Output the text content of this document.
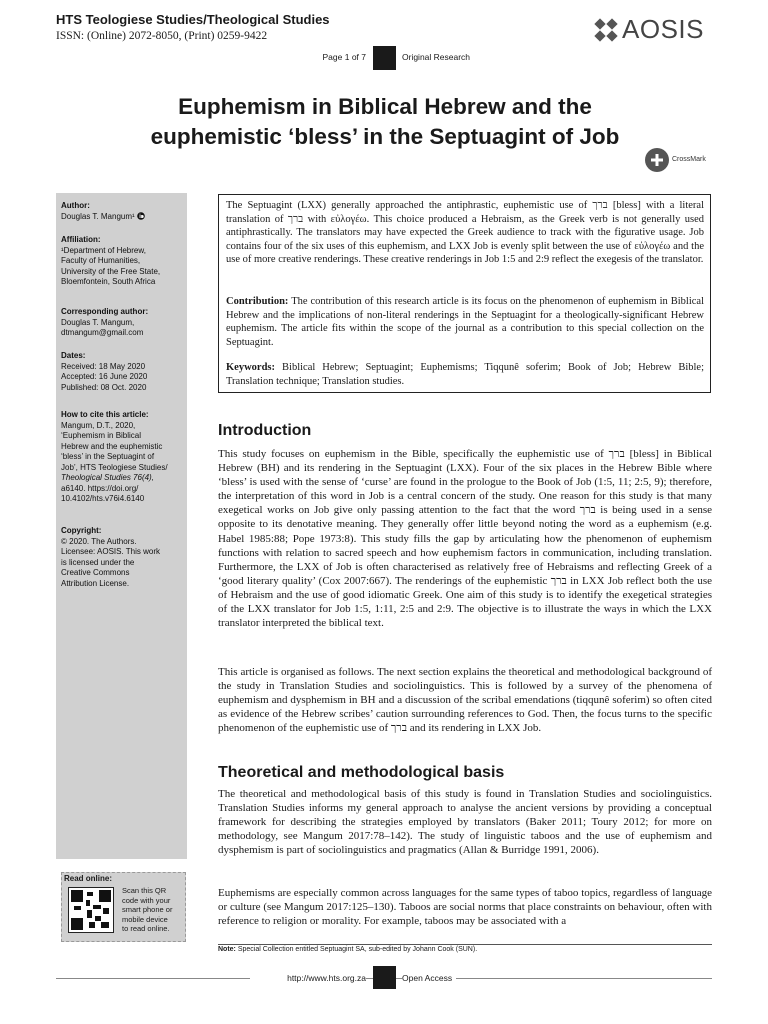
HTS Teologiese Studies/Theological Studies
ISSN: (Online) 2072-8050, (Print) 0259-9422	AOSIS
Page 1 of 7	Original Research
Euphemism in Biblical Hebrew and the
euphemistic ‘bless’ in the Septuagint of Job
CrossMark
Author:
Douglas T. Mangum¹
Affiliation:
¹Department of Hebrew,
Faculty of Humanities,
University of the Free State,
Bloemfontein, South Africa
Corresponding author:
Douglas T. Mangum,
dtmangum@gmail.com
Dates:
Received: 18 May 2020
Accepted: 16 June 2020
Published: 08 Oct. 2020
How to cite this article:
Mangum, D.T., 2020,
‘Euphemism in Biblical
Hebrew and the euphemistic
‘bless’ in the Septuagint of
Job’, HTS Teologiese Studies/
Theological Studies 76(4),
a6140. https://doi.org/
10.4102/hts.v76i4.6140
Copyright:
© 2020. The Authors.
Licensee: AOSIS. This work
is licensed under the
Creative Commons
Attribution License.
Read online:
Scan this QR
code with your
smart phone or
mobile device
to read online.
The Septuagint (LXX) generally approached the antiphrastic, euphemistic use of ברך [bless] with a literal translation of ברך with εὐλογέω. This choice produced a Hebraism, as the Greek verb is not generally used antiphrastically. The translators may have expected the Greek audience to track with the figurative usage. Job contains four of the six uses of this euphemism, and LXX Job is evenly split between the use of εὐλογέω and the use of more creative renderings. These creative renderings in Job 1:5 and 2:9 reflect the exegesis of the translator.
Contribution: The contribution of this research article is its focus on the phenomenon of euphemism in Biblical Hebrew and the implications of non-literal renderings in the Septuagint for a theologically-significant Hebrew euphemism. The article fits within the scope of the journal as a contribution to this special collection on the Septuagint.
Keywords: Biblical Hebrew; Septuagint; Euphemisms; Tiqqunê soferim; Book of Job; Hebrew Bible; Translation technique; Translation studies.
Introduction
This study focuses on euphemism in the Bible, specifically the euphemistic use of ברך [bless] in Biblical Hebrew (BH) and its rendering in the Septuagint (LXX). Four of the six places in the Hebrew Bible where ‘bless’ is used with the sense of ‘curse’ are found in the prologue to the Book of Job (1:5, 11; 2:5, 9); therefore, the interpretation of this word in Job is a central concern of the study. One reason for this study is that many exegetical works on Job give only passing attention to the fact that the word ברך is being used in a sense opposite to its denotative meaning. They generally offer little beyond noting the word as a euphemism (e.g. Habel 1985:88; Pope 1973:8). This study fills the gap by articulating how the phenomenon of euphemism functions with relation to sacred speech and how euphemism factors in communication, including translation. Furthermore, the LXX of Job is often characterised as relatively free of Hebraisms and reflecting Greek of a ‘good literary quality’ (Cox 2007:667). The renderings of the euphemistic ברך in LXX Job reflect both the use of Hebraism and the use of good idiomatic Greek. One aim of this study is to identify the exegetical strategies of the LXX translator for Job 1:5, 1:11, 2:5 and 2:9. The objective is to illustrate the ways in which the LXX translator interpreted the biblical text.
This article is organised as follows. The next section explains the theoretical and methodological background of the study in Translation Studies and sociolinguistics. This is followed by a survey of the phenomena of euphemism and dysphemism in BH and a discussion of the scribal emendations (tiqqunê soferim) so often cited as evidence of the Hebrew scribes’ caution surrounding references to God. Then, the focus turns to the specific phenomenon of the euphemistic use of ברך and its rendering in LXX Job.
Theoretical and methodological basis
The theoretical and methodological basis of this study is found in Translation Studies and sociolinguistics. Translation Studies informs my general approach to analyse the ancient versions by providing a conceptual framework for describing the strategies employed by translators (Baker 2011; Toury 2012; for more on methodology, see Mangum 2017:78–142). The study of linguistic taboos and the use of euphemism and dysphemism is part of sociolinguistics and pragmatics (Allan & Burridge 1991, 2006).
Euphemisms are especially common across languages for the same types of taboo topics, regardless of language or culture (see Mangum 2017:125–130). Taboos are social norms that place constraints on behaviour, often with reference to religion or morality. For example, taboos may be associated with a
Note: Special Collection entitled Septuagint SA, sub-edited by Johann Cook (SUN).
http://www.hts.org.za	Open Access
